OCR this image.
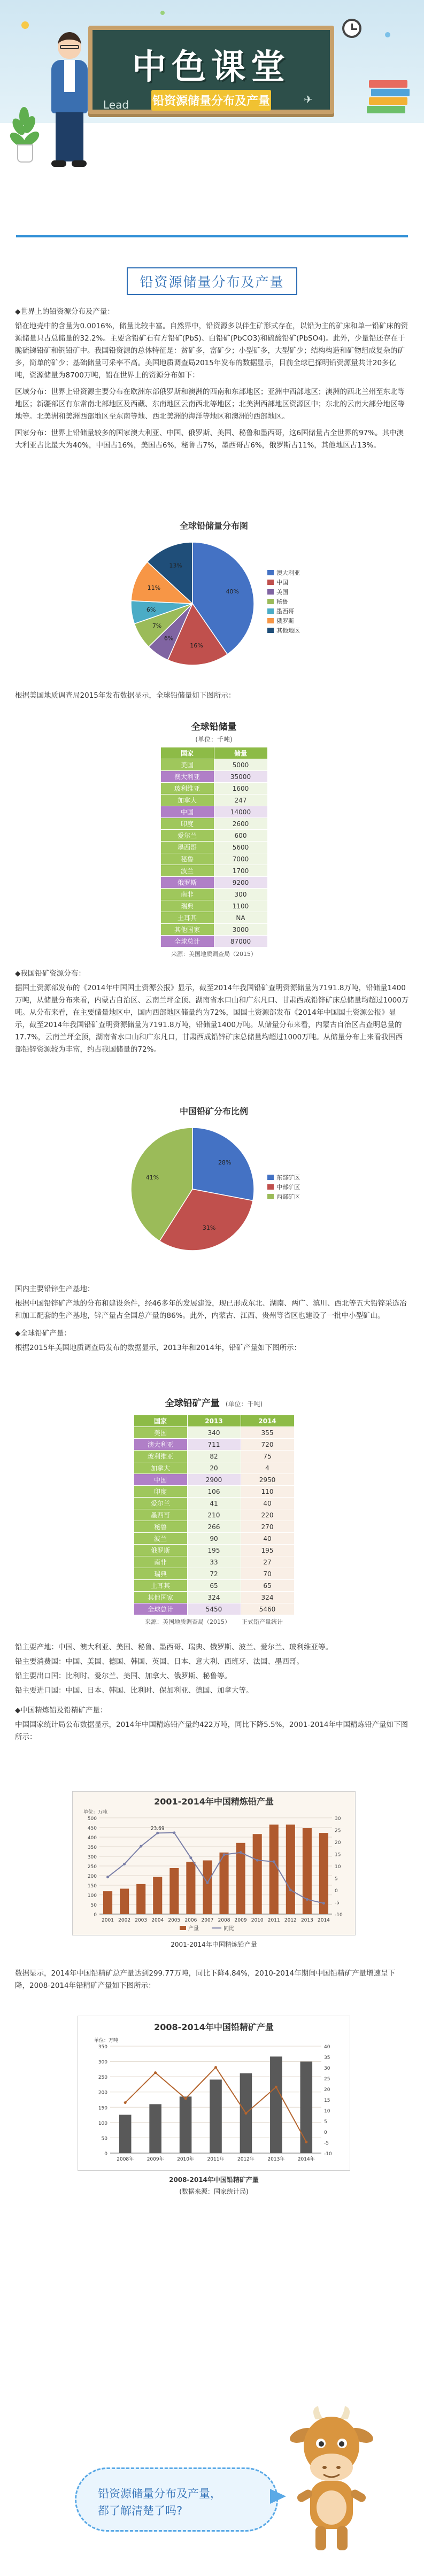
中色课堂
铅资源储量分布及产量
Lead	✈
铅资源储量分布及产量

◆世界上的铅资源分布及产量：

铅在地壳中的含量为0.0016%，储量比较丰富。自然界中，铅资源多以伴生矿形式存在，以铅为主的矿床和单一铅矿床的资源储量只占总储量的32.2%。主要含铅矿石有方铅矿(PbS)、白铅矿(PbCO3)和硫酸铅矿(PbSO4)。此外，少量铅还存在于脆硫锑铅矿和钒铅矿中。我国铅资源的总体特征是：贫矿多，富矿少；小型矿多，大型矿少；结构构造和矿物组成复杂的矿多，简单的矿少；基础储量可采率不高。美国地质调查局2015年发布的数据显示，目前全球已探明铅资源量共计20多亿吨，资源储量为8700万吨，铅在世界上的资源分布如下：

区域分布：世界上铅资源主要分布在欧洲东部俄罗斯和澳洲的西南和东部地区；亚洲中西部地区；澳洲的西北兰州至东北等地区；新疆部区有东常南北部地区及西藏、东南地区云南西北等地区；北美洲西部地区资源区中；东北的云南大部分地区等地等。北美洲和美洲西部地区至东南等地、西北美洲的海洋等地区和澳洲的西部地区。

国家分布：世界上铅储量较多的国家澳大利亚、中国、俄罗斯、美国、秘鲁和墨西哥，这6国储量占全世界的97%。其中澳大利亚占比最大为40%，中国占16%，美国占6%，秘鲁占7%，墨西哥占6%，俄罗斯占11%，其他地区占13%。

全球铅储量分布图
40%
16%
6%
7%
6%
11%
13%
澳大利亚
中国
美国
秘鲁
墨西哥
俄罗斯
其他地区

根据美国地质调查局2015年发布数据显示，全球铅储量如下图所示：

全球铅储量
(单位：千吨)
国家	储量
美国	5000
澳大利亚	35000
玻利维亚	1600
加拿大	247
中国	14000
印度	2600
爱尔兰	600
墨西哥	5600
秘鲁	7000
波兰	1700
俄罗斯	9200
南非	300
瑞典	1100
土耳其	NA
其他国家	3000
全球总计	87000
来源：美国地质调查局（2015）

◆我国铅矿资源分布：

据国土资源部发布的《2014年中国国土资源公报》显示，截至2014年我国铅矿查明资源储量为7191.8万吨，铅储量1400万吨，从储量分布来看，内蒙古自治区、云南兰坪金顶、湖南省水口山和广东凡口、甘肃西成铅锌矿床总储量均超过1000万吨。从分布来看，在主要储量地区中，国内西部地区储量约为72%，国国土资源部发布《2014年中国国土资源公报》显示，截至2014年我国铅矿查明资源储量为7191.8万吨，铅储量1400万吨。从储量分布来看，内蒙古自治区占查明总量的17.7%，云南兰坪金顶，湖南省水口山和广东凡口，甘肃西成铅锌矿床总储量均超过1000万吨。从储量分布上来看我国西部铅锌资源较为丰富，约占我国储量的72%。

中国铅矿分布比例
28%
31%
41%	东部矿区
中部矿区
西部矿区

国内主要铅锌生产基地：

根据中国铅锌矿产地的分布和建设条件，经46多年的发展建设，现已形成东北、湖南、两广、滇川、西北等五大铅锌采选冶和加工配套的生产基地，锌产量占全国总产量的86%。此外，内蒙古、江西、贵州等省区也建设了一批中小型矿山。

◆全球铅矿产量：

根据2015年美国地质调查局发布的数据显示，2013年和2014年，铅矿产量如下图所示：

全球铅矿产量 (单位：千吨)
国家	2013	2014
美国	340	355
澳大利亚	711	720
玻利维亚	82	75
加拿大	20	4
中国	2900	2950
印度	106	110
爱尔兰	41	40
墨西哥	210	220
秘鲁	266	270
波兰	90	40
俄罗斯	195	195
南非	33	27
瑞典	72	70
土耳其	65	65
其他国家	324	324
全球总计	5450	5460
来源：美国地质调查局（2015） 正式铅产量统计

铅主要产地：中国、澳大利亚、美国、秘鲁、墨西哥、瑞典、俄罗斯、波兰、爱尔兰、玻利维亚等。

铅主要消费国：中国、美国、德国、韩国、英国、日本、意大利、西班牙、法国、墨西哥。

铅主要出口国：比利时、爱尔兰、美国、加拿大、俄罗斯、秘鲁等。

铅主要进口国：中国、日本、韩国、比利时、保加利亚、德国、加拿大等。

◆中国精炼铅及铅精矿产量：

中国国家统计局公布数据显示，2014年中国精炼铅产量约422万吨，同比下降5.5%，2001-2014年中国精炼铅产量如下图所示：

2001-2014年中国精炼铅产量
0
50
100
150
200
250
300
350
400
450
500
-10
-5
0
5
10
15
20
25
30
单位：万吨
2001 2002 2003 2004 2005 2006 2007 2008 2009 2010 2011 2012 2013 2014
23.69
产量	同比
2001-2014年中国精炼铅产量

数据显示，2014年中国铅精矿总产量达到299.77万吨，同比下降4.84%，2010-2014年期间中国铅精矿产量增速呈下降，2008-2014年铅精矿产量如下图所示：

2008-2014年中国铅精矿产量
0
50
100
150
200
250
300
350
-10
-5
0
5
10
15
20
25
30
35
40
单位：万吨
2008年	2009年	2010年	2011年	2012年	2013年	2014年
2008-2014年中国铅精矿产量
(数据来源：国家统计局)
铅资源储量分布及产量，
都了解清楚了吗?
